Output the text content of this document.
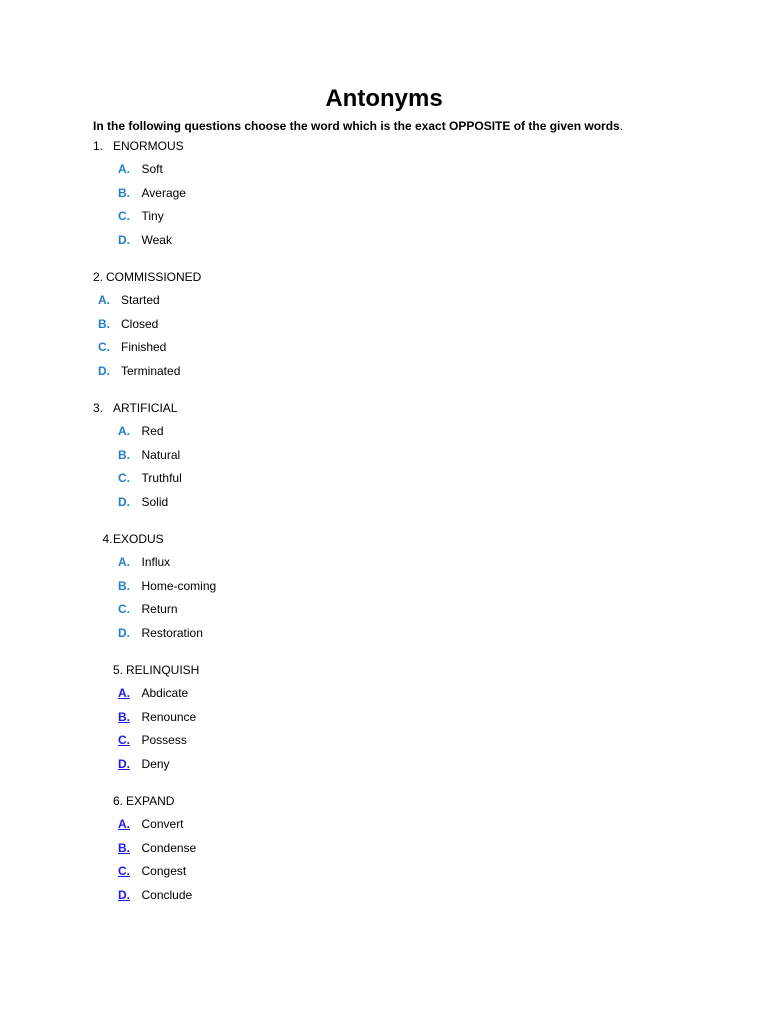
Antonyms
In the following questions choose the word which is the exact OPPOSITE of the given words.
1. ENORMOUS
A. Soft
B. Average
C. Tiny
D. Weak
2. COMMISSIONED
A. Started
B. Closed
C. Finished
D. Terminated
3. ARTIFICIAL
A. Red
B. Natural
C. Truthful
D. Solid
4. EXODUS
A. Influx
B. Home-coming
C. Return
D. Restoration
5. RELINQUISH
A. Abdicate
B. Renounce
C. Possess
D. Deny
6. EXPAND
A. Convert
B. Condense
C. Congest
D. Conclude
